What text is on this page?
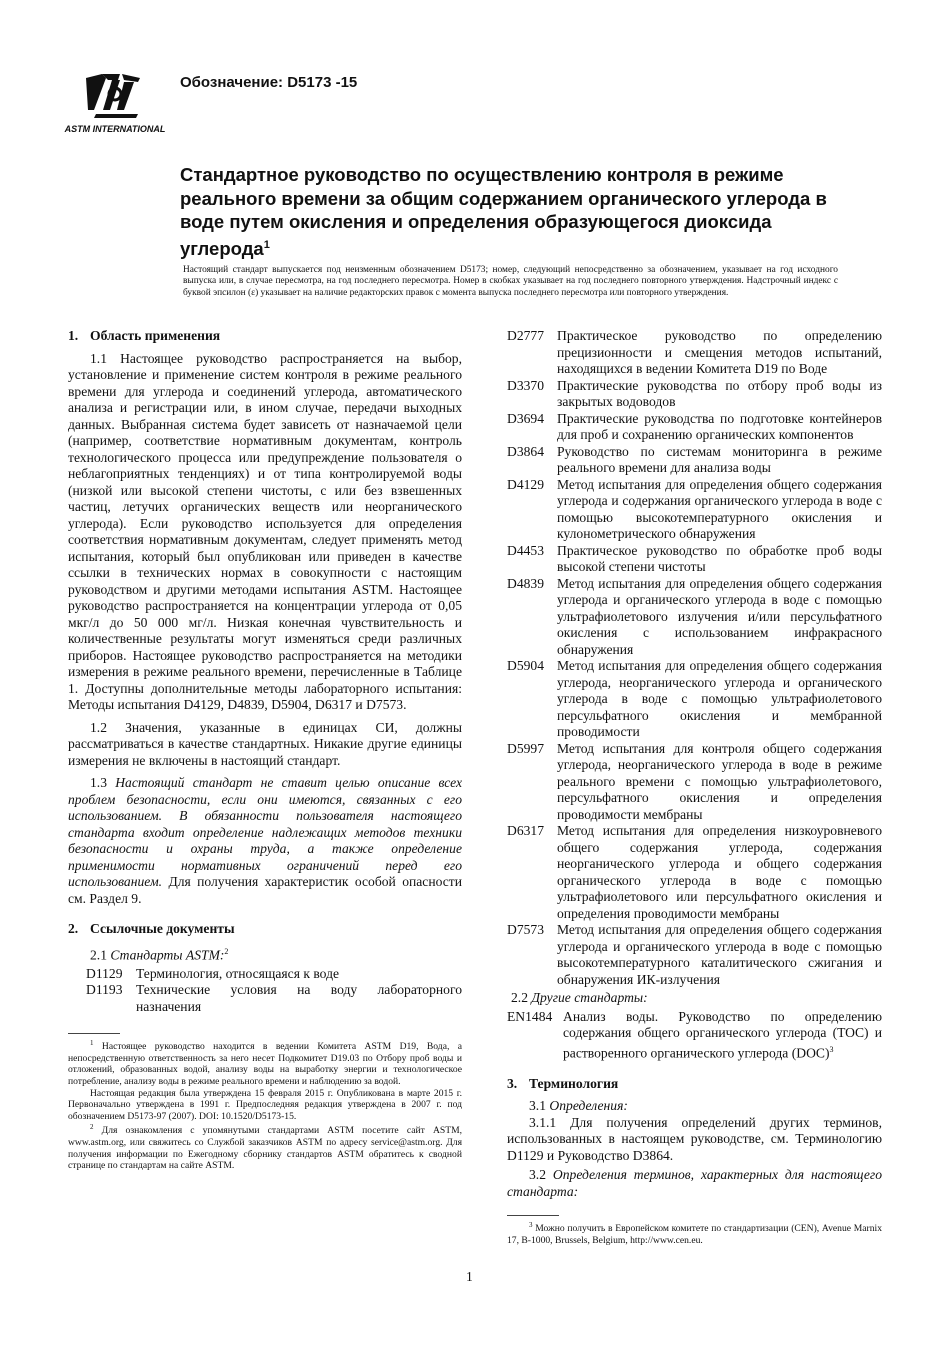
ASTM INTERNATIONAL
Обозначение: D5173 -15
Стандартное руководство по осуществлению контроля в режиме реального времени за общим содержанием органического углерода в воде путем окисления и определения образующегося диоксида углерода$^1$
Настоящий стандарт выпускается под неизменным обозначением D5173; номер, следующий непосредственно за обозначением, указывает на год исходного выпуска или, в случае пересмотра, на год последнего пересмотра. Номер в скобках указывает на год последнего повторного утверждения. Надстрочный индекс с буквой эпсилон (ε) указывает на наличие редакторских правок с момента выпуска последнего пересмотра или повторного утверждения.
1. Область применения

1.1 Настоящее руководство распространяется на выбор, установление и применение систем контроля в режиме реального времени для углерода и соединений углерода, автоматического анализа и регистрации или, в ином случае, передачи выходных данных. Выбранная система будет зависеть от назначаемой цели (например, соответствие нормативным документам, контроль технологического процесса или предупреждение пользователя о неблагоприятных тенденциях) и от типа контролируемой воды (низкой или высокой степени чистоты, с или без взвешенных частиц, летучих органических веществ или неорганического углерода). Если руководство используется для определения соответствия нормативным документам, следует применять метод испытания, который был опубликован или приведен в качестве ссылки в технических нормах в совокупности с настоящим руководством и другими методами испытания ASTM. Настоящее руководство распространяется на концентрации углерода от 0,05 мкг/л до 50 000 мг/л. Низкая конечная чувствительность и количественные результаты могут изменяться среди различных приборов. Настоящее руководство распространяется на методики измерения в режиме реального времени, перечисленные в Таблице 1. Доступны дополнительные методы лабораторного испытания: Методы испытания D4129, D4839, D5904, D6317 и D7573.

1.2 Значения, указанные в единицах СИ, должны рассматриваться в качестве стандартных. Никакие другие единицы измерения не включены в настоящий стандарт.

1.3 Настоящий стандарт не ставит целью описание всех проблем безопасности, если они имеются, связанных с его использованием. В обязанности пользователя настоящего стандарта входит определение надлежащих методов техники безопасности и охраны труда, а также определение применимости нормативных ограничений перед его использованием. Для получения характеристик особой опасности см. Раздел 9.

2. Ссылочные документы

2.1 Стандарты ASTM:$^2$

D1129 Терминология, относящаяся к воде

D1193 Технические условия на воду лабораторного назначения

$^1$ Настоящее руководство находится в ведении Комитета ASTM D19, Вода, а непосредственную ответственность за него несет Подкомитет D19.03 по Отбору проб воды и отложений, образованных водой, анализу воды на выработку энергии и технологическое потребление, анализу воды в режиме реального времени и наблюдению за водой.

Настоящая редакция была утверждена 15 февраля 2015 г. Опубликована в марте 2015 г. Первоначально утверждена в 1991 г. Предпоследняя редакция утверждена в 2007 г. под обозначением D5173-97 (2007). DOI: 10.1520/D5173-15.

$^2$ Для ознакомления с упомянутыми стандартами ASTM посетите сайт ASTM, www.astm.org, или свяжитесь со Службой заказчиков ASTM по адресу service@astm.org. Для получения информации по Ежегодному сборнику стандартов ASTM обратитесь к сводной странице по стандартам на сайте ASTM.

D2777 Практическое руководство по определению прецизионности и смещения методов испытаний, находящихся в ведении Комитета D19 по Воде

D3370 Практические руководства по отбору проб воды из закрытых водоводов

D3694 Практические руководства по подготовке контейнеров для проб и сохранению органических компонентов

D3864 Руководство по системам мониторинга в режиме реального времени для анализа воды

D4129 Метод испытания для определения общего содержания углерода и содержания органического углерода в воде с помощью высокотемпературного окисления и кулонометрического обнаружения

D4453 Практическое руководство по обработке проб воды высокой степени чистоты

D4839 Метод испытания для определения общего содержания углерода и органического углерода в воде с помощью ультрафиолетового излучения и/или персульфатного окисления с использованием инфракрасного обнаружения

D5904 Метод испытания для определения общего содержания углерода, неорганического углерода и органического углерода в воде с помощью ультрафиолетового персульфатного окисления и мембранной проводимости

D5997 Метод испытания для контроля общего содержания углерода, неорганического углерода в воде в режиме реального времени с помощью ультрафиолетового, персульфатного окисления и определения проводимости мембраны

D6317 Метод испытания для определения низкоуровневого общего содержания углерода, содержания неорганического углерода и общего содержания органического углерода в воде с помощью ультрафиолетового или персульфатного окисления и определения проводимости мембраны

D7573 Метод испытания для определения общего содержания углерода и органического углерода в воде с помощью высокотемпературного каталитического сжигания и обнаружения ИК-излучения

2.2 Другие стандарты:

EN1484 Анализ воды. Руководство по определению содержания общего органического углерода (TOC) и растворенного органического углерода (DOC)$^3$

3. Терминология

3.1 Определения:

3.1.1 Для получения определений других терминов, использованных в настоящем руководстве, см. Терминологию D1129 и Руководство D3864.

3.2 Определения терминов, характерных для настоящего стандарта:

$^3$ Можно получить в Европейском комитете по стандартизации (CEN), Avenue Marnix 17, B-1000, Brussels, Belgium, http://www.cen.eu.

1
